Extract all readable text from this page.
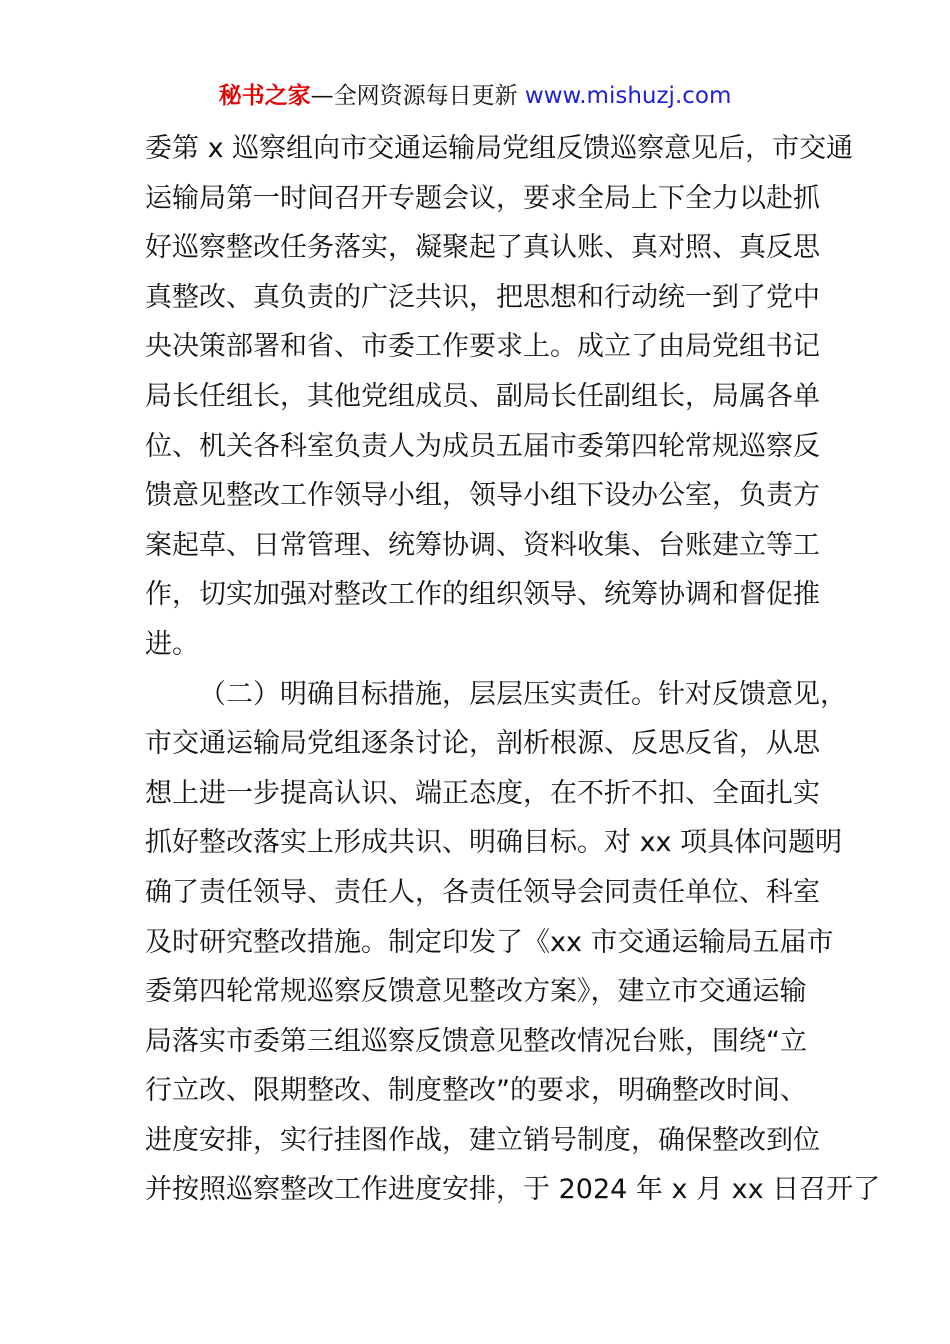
秘书之家—全网资源每日更新 www.mishuzj.com
委第 x 巡察组向市交通运输局党组反馈巡察意见后，市交通
运输局第一时间召开专题会议，要求全局上下全力以赴抓
好巡察整改任务落实，凝聚起了真认账、真对照、真反思
真整改、真负责的广泛共识，把思想和行动统一到了党中
央决策部署和省、市委工作要求上。成立了由局党组书记
局长任组长，其他党组成员、副局长任副组长，局属各单
位、机关各科室负责人为成员五届市委第四轮常规巡察反
馈意见整改工作领导小组，领导小组下设办公室，负责方
案起草、日常管理、统筹协调、资料收集、台账建立等工
作，切实加强对整改工作的组织领导、统筹协调和督促推
进。
（二）明确目标措施，层层压实责任。针对反馈意见，
市交通运输局党组逐条讨论，剖析根源、反思反省，从思
想上进一步提高认识、端正态度，在不折不扣、全面扎实
抓好整改落实上形成共识、明确目标。对 xx 项具体问题明
确了责任领导、责任人，各责任领导会同责任单位、科室
及时研究整改措施。制定印发了《xx 市交通运输局五届市
委第四轮常规巡察反馈意见整改方案》，建立市交通运输
局落实市委第三组巡察反馈意见整改情况台账，围绕“立
行立改、限期整改、制度整改”的要求，明确整改时间、
进度安排，实行挂图作战，建立销号制度，确保整改到位
并按照巡察整改工作进度安排，于 2024 年 x 月 xx 日召开了
